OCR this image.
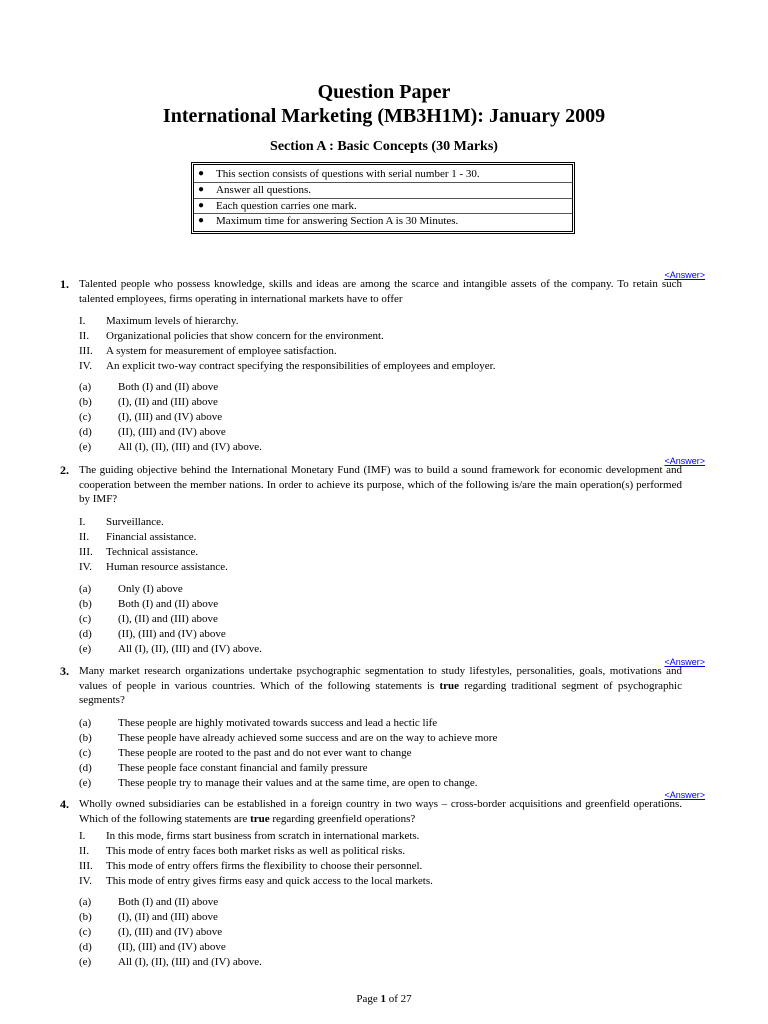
Question Paper
International Marketing (MB3H1M): January 2009
Section A : Basic Concepts (30 Marks)
● This section consists of questions with serial number 1 - 30.
● Answer all questions.
● Each question carries one mark.
● Maximum time for answering Section A is 30 Minutes.
1.
<Answer>
Talented people who possess knowledge, skills and ideas are among the scarce and intangible assets of the company. To retain such talented employees, firms operating in international markets have to offer
I. Maximum levels of hierarchy.
II. Organizational policies that show concern for the environment.
III. A system for measurement of employee satisfaction.
IV. An explicit two-way contract specifying the responsibilities of employees and employer.
(a) Both (I) and (II) above
(b) (I), (II) and (III) above
(c) (I), (III) and (IV) above
(d) (II), (III) and (IV) above
(e) All (I), (II), (III) and (IV) above.
2.
<Answer>
The guiding objective behind the International Monetary Fund (IMF) was to build a sound framework for economic development and cooperation between the member nations. In order to achieve its purpose, which of the following is/are the main operation(s) performed by IMF?
I. Surveillance.
II. Financial assistance.
III. Technical assistance.
IV. Human resource assistance.
(a) Only (I) above
(b) Both (I) and (II) above
(c) (I), (II) and (III) above
(d) (II), (III) and (IV) above
(e) All (I), (II), (III) and (IV) above.
3.
<Answer>
Many market research organizations undertake psychographic segmentation to study lifestyles, personalities, goals, motivations and values of people in various countries. Which of the following statements is true regarding traditional segment of psychographic segments?
(a) These people are highly motivated towards success and lead a hectic life
(b) These people have already achieved some success and are on the way to achieve more
(c) These people are rooted to the past and do not ever want to change
(d) These people face constant financial and family pressure
(e) These people try to manage their values and at the same time, are open to change.
4.
<Answer>
Wholly owned subsidiaries can be established in a foreign country in two ways – cross-border acquisitions and greenfield operations. Which of the following statements are true regarding greenfield operations?
I. In this mode, firms start business from scratch in international markets.
II. This mode of entry faces both market risks as well as political risks.
III. This mode of entry offers firms the flexibility to choose their personnel.
IV. This mode of entry gives firms easy and quick access to the local markets.
(a) Both (I) and (II) above
(b) (I), (II) and (III) above
(c) (I), (III) and (IV) above
(d) (II), (III) and (IV) above
(e) All (I), (II), (III) and (IV) above.
Page 1 of 27
